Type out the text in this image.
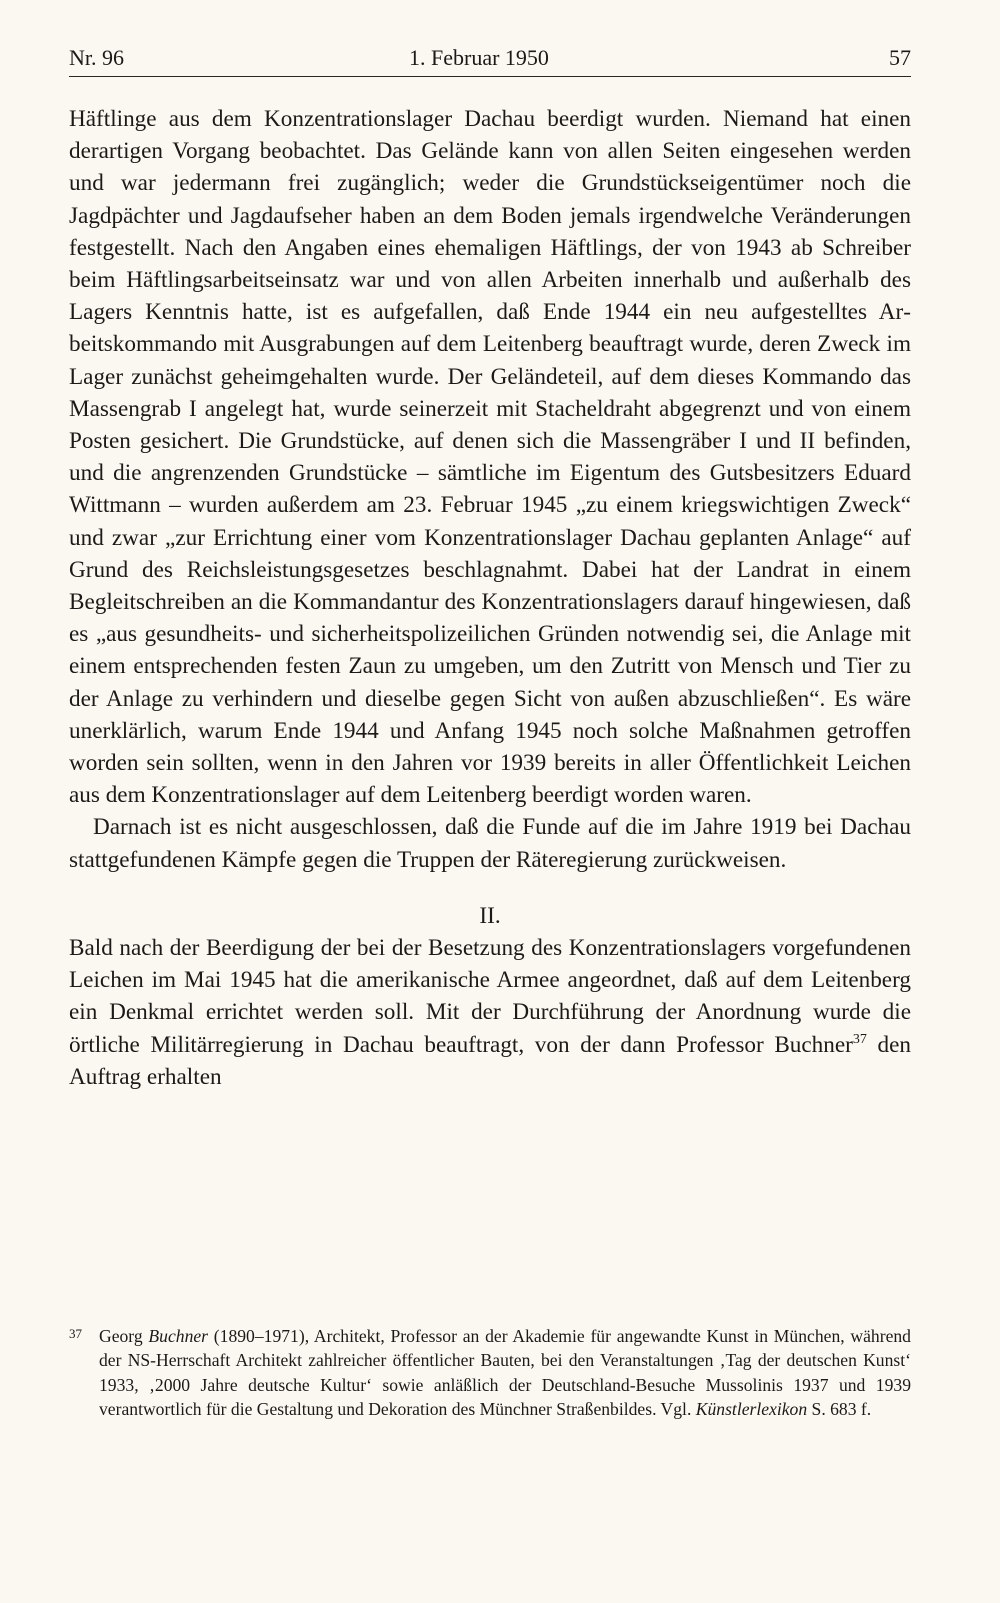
Nr. 96	1. Februar 1950	57

Häftlinge aus dem Konzentrationslager Dachau beerdigt wurden. Niemand hat einen derartigen Vorgang beobachtet. Das Gelände kann von allen Seiten eingesehen werden und war jedermann frei zugänglich; weder die Grundstückseigentümer noch die Jagdpächter und Jagdaufseher haben an dem Boden jemals irgendwelche Veränderungen festgestellt. Nach den Angaben eines ehemaligen Häftlings, der von 1943 ab Schreiber beim Häftlingsarbeitseinsatz war und von allen Arbeiten innerhalb und außerhalb des Lagers Kenntnis hatte, ist es aufgefallen, daß Ende 1944 ein neu aufgestelltes Arbeitskommando mit Ausgrabungen auf dem Leitenberg beauftragt wurde, deren Zweck im Lager zunächst geheimgehalten wurde. Der Geländeteil, auf dem dieses Kommando das Massengrab I angelegt hat, wurde seinerzeit mit Stacheldraht abgegrenzt und von einem Posten gesichert. Die Grundstücke, auf denen sich die Massengräber I und II befinden, und die angrenzenden Grundstücke – sämtliche im Eigentum des Gutsbesitzers Eduard Wittmann – wurden außerdem am 23. Februar 1945 „zu einem kriegswichtigen Zweck“ und zwar „zur Errichtung einer vom Konzentrationslager Dachau geplanten Anlage“ auf Grund des Reichsleistungsgesetzes beschlagnahmt. Dabei hat der Landrat in einem Begleitschreiben an die Kommandantur des Konzentrationslagers darauf hingewiesen, daß es „aus gesundheits- und sicherheitspolizeilichen Gründen notwendig sei, die Anlage mit einem entsprechenden festen Zaun zu umgeben, um den Zutritt von Mensch und Tier zu der Anlage zu verhindern und dieselbe gegen Sicht von außen abzuschließen“. Es wäre unerklärlich, warum Ende 1944 und Anfang 1945 noch solche Maßnahmen getroffen worden sein sollten, wenn in den Jahren vor 1939 bereits in aller Öffentlichkeit Leichen aus dem Konzentrationslager auf dem Leitenberg beerdigt worden waren.

Darnach ist es nicht ausgeschlossen, daß die Funde auf die im Jahre 1919 bei Dachau stattgefundenen Kämpfe gegen die Truppen der Räteregierung zurückweisen.

II.

Bald nach der Beerdigung der bei der Besetzung des Konzentrationslagers vorgefundenen Leichen im Mai 1945 hat die amerikanische Armee angeordnet, daß auf dem Leitenberg ein Denkmal errichtet werden soll. Mit der Durchführung der Anordnung wurde die örtliche Militärregierung in Dachau beauftragt, von der dann Professor Buchner$^{37}$ den Auftrag erhalten

37 Georg Buchner (1890–1971), Architekt, Professor an der Akademie für angewandte Kunst in München, während der NS-Herrschaft Architekt zahlreicher öffentlicher Bauten, bei den Veranstaltungen ‚Tag der deutschen Kunst‘ 1933, ‚2000 Jahre deutsche Kultur‘ sowie anläßlich der Deutschland-Besuche Mussolinis 1937 und 1939 verantwortlich für die Gestaltung und Dekoration des Münchner Straßenbildes. Vgl. Künstlerlexikon S. 683 f.
